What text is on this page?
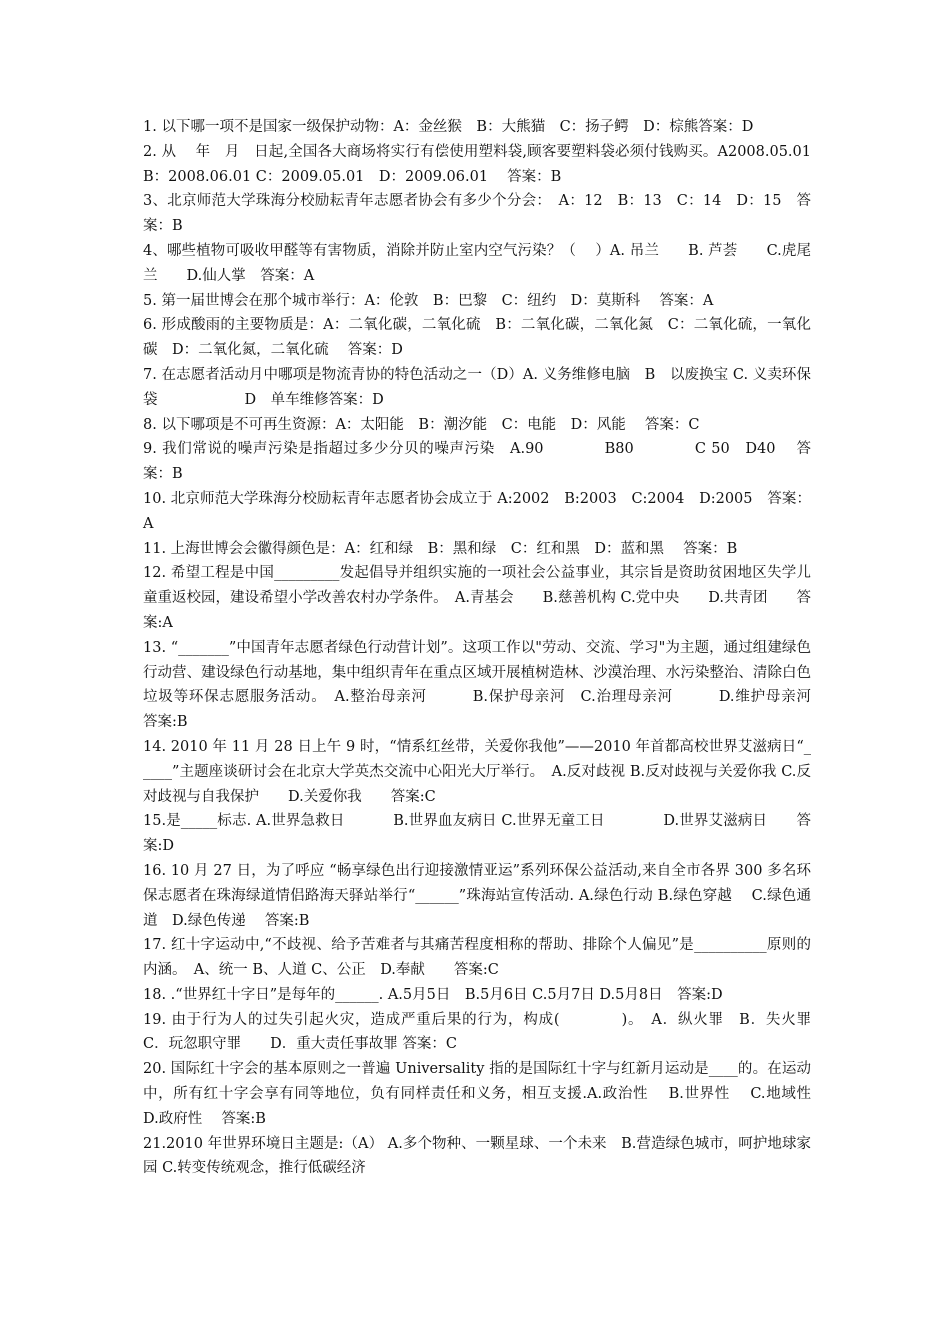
1. 以下哪一项不是国家一级保护动物：A：金丝猴　B：大熊猫　C：扬子鳄　D：棕熊答案：D

2. 从　 年　月　日起,全国各大商场将实行有偿使用塑料袋,顾客要塑料袋必须付钱购买。A2008.05.01　B：2008.06.01 C：2009.05.01　D：2009.06.01　 答案：B

3、北京师范大学珠海分校励耘青年志愿者协会有多少个分会：　A：12　B：13　C：14　D：15　答案：B

4、哪些植物可吸收甲醛等有害物质，消除并防止室内空气污染？（　 ）A. 吊兰　　B. 芦荟　　C.虎尾兰　　D.仙人掌　答案：A

5. 第一届世博会在那个城市举行：A：伦敦　B：巴黎　C：纽约　D：莫斯科　 答案：A

6. 形成酸雨的主要物质是：A：二氧化碳，二氧化硫　B：二氧化碳，二氧化氮　C：二氧化硫，一氧化碳　D：二氧化氮，二氧化硫　 答案：D

7. 在志愿者活动月中哪项是物流青协的特色活动之一（D）A. 义务维修电脑　B　以废换宝 C. 义卖环保袋　　　　　　D　单车维修答案：D

8. 以下哪项是不可再生资源：A：太阳能　B：潮汐能　C：电能　D：风能　 答案：C

9. 我们常说的噪声污染是指超过多少分贝的噪声污染　A.90　　　　B80　　　　C 50　D40　 答案：B

10. 北京师范大学珠海分校励耘青年志愿者协会成立于 A:2002　B:2003　C:2004　D:2005　答案：A

11. 上海世博会会徽得颜色是：A：红和绿　B：黑和绿　C：红和黑　D：蓝和黑　 答案：B

12. 希望工程是中国_________发起倡导并组织实施的一项社会公益事业，其宗旨是资助贫困地区失学儿童重返校园，建设希望小学改善农村办学条件。　A.青基会　　B.慈善机构 C.党中央　　D.共青团　　答案:A

13. “_______”中国青年志愿者绿色行动营计划”。这项工作以"劳动、交流、学习"为主题，通过组建绿色行动营、建设绿色行动基地，集中组织青年在重点区域开展植树造林、沙漠治理、水污染整治、清除白色垃圾等环保志愿服务活动。　A.整治母亲河　　　B.保护母亲河　C.治理母亲河　　　D.维护母亲河　　答案:B

14. 2010 年 11 月 28 日上午 9 时，“情系红丝带，关爱你我他”——2010 年首都高校世界艾滋病日“_____”主题座谈研讨会在北京大学英杰交流中心阳光大厅举行。　A.反对歧视 B.反对歧视与关爱你我 C.反对歧视与自我保护　　D.关爱你我　　答案:C

15.是_____标志. A.世界急救日　　　 B.世界血友病日 C.世界无童工日　　　　D.世界艾滋病日　　答案:D

16. 10 月 27 日，为了呼应 “畅享绿色出行迎接激情亚运”系列环保公益活动,来自全市各界 300 多名环保志愿者在珠海绿道情侣路海天驿站举行“______”珠海站宣传活动. A.绿色行动 B.绿色穿越　 C.绿色通道　D.绿色传递　 答案:B

17. 红十字运动中,“不歧视、给予苦难者与其痛苦程度相称的帮助、排除个人偏见”是__________原则的内涵。　A、统一 B、人道 C、公正　D.奉献　　答案:C

18. .“世界红十字日”是每年的______. A.5月5日　B.5月6日 C.5月7日 D.5月8日　答案:D

19. 由于行为人的过失引起火灾，造成严重后果的行为，构成(　　　　)。　A．纵火罪　B．失火罪　　C．玩忽职守罪　　D．重大责任事故罪 答案：C

20. 国际红十字会的基本原则之一普遍 Universality 指的是国际红十字与红新月运动是____的。在运动中，所有红十字会享有同等地位，负有同样责任和义务，相互支援.A.政治性　 B.世界性　 C.地域性　 D.政府性　 答案:B

21.2010 年世界环境日主题是:（A） A.多个物种、一颗星球、一个未来　B.营造绿色城市，呵护地球家园 C.转变传统观念，推行低碳经济
